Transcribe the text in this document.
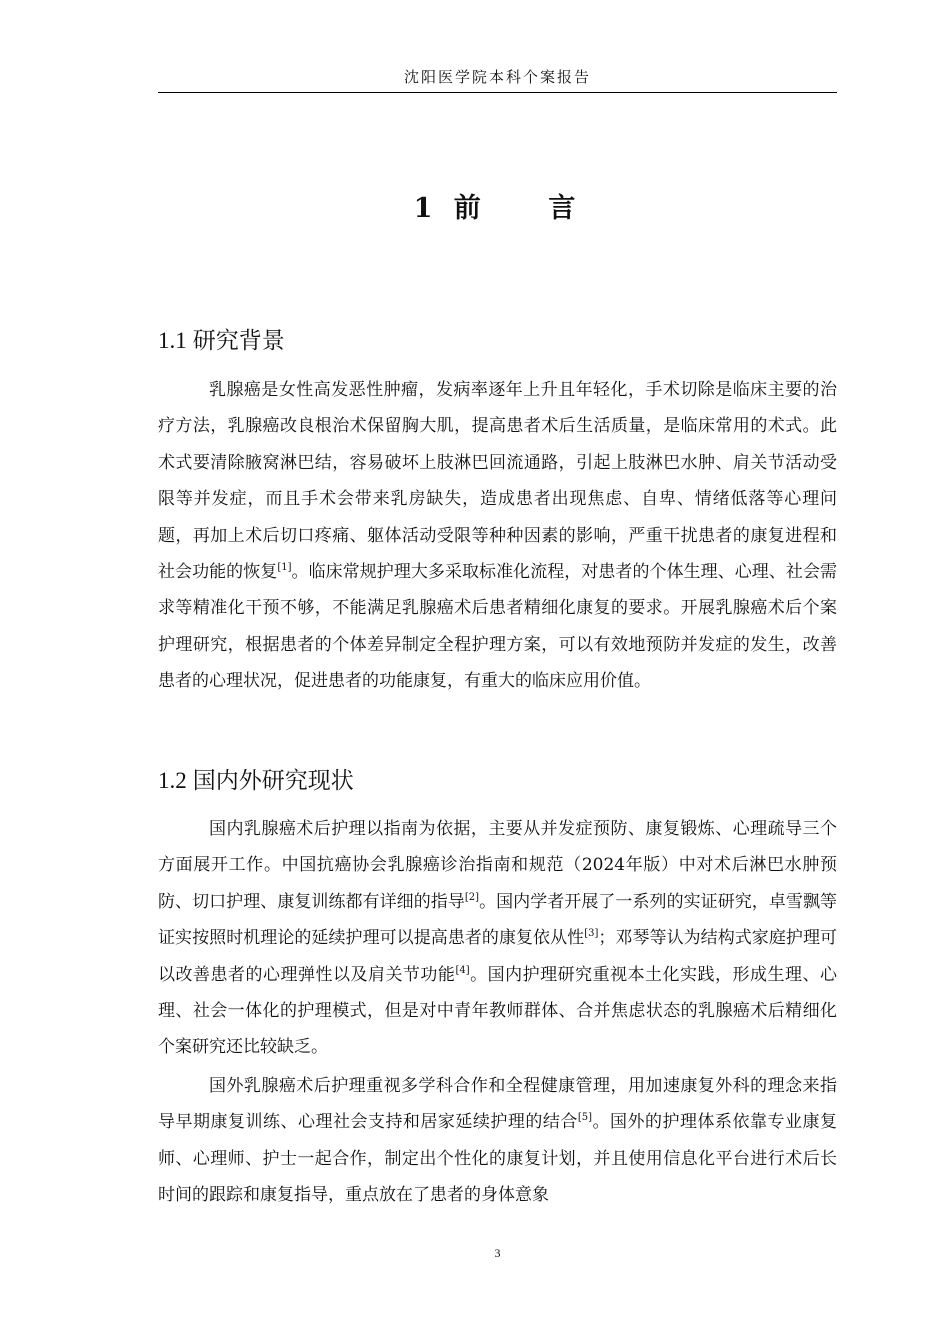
沈阳医学院本科个案报告
1 前    言
1.1 研究背景

乳腺癌是女性高发恶性肿瘤，发病率逐年上升且年轻化，手术切除是临床主要的治疗方法，乳腺癌改良根治术保留胸大肌，提高患者术后生活质量，是临床常用的术式。此术式要清除腋窝淋巴结，容易破坏上肢淋巴回流通路，引起上肢淋巴水肿、肩关节活动受限等并发症，而且手术会带来乳房缺失，造成患者出现焦虑、自卑、情绪低落等心理问题，再加上术后切口疼痛、躯体活动受限等种种因素的影响，严重干扰患者的康复进程和社会功能的恢复[1]。临床常规护理大多采取标准化流程，对患者的个体生理、心理、社会需求等精准化干预不够，不能满足乳腺癌术后患者精细化康复的要求。开展乳腺癌术后个案护理研究，根据患者的个体差异制定全程护理方案，可以有效地预防并发症的发生，改善患者的心理状况，促进患者的功能康复，有重大的临床应用价值。

1.2 国内外研究现状

国内乳腺癌术后护理以指南为依据，主要从并发症预防、康复锻炼、心理疏导三个方面展开工作。中国抗癌协会乳腺癌诊治指南和规范（2024年版）中对术后淋巴水肿预防、切口护理、康复训练都有详细的指导[2]。国内学者开展了一系列的实证研究，卓雪飘等证实按照时机理论的延续护理可以提高患者的康复依从性[3]；邓琴等认为结构式家庭护理可以改善患者的心理弹性以及肩关节功能[4]。国内护理研究重视本土化实践，形成生理、心理、社会一体化的护理模式，但是对中青年教师群体、合并焦虑状态的乳腺癌术后精细化个案研究还比较缺乏。

国外乳腺癌术后护理重视多学科合作和全程健康管理，用加速康复外科的理念来指导早期康复训练、心理社会支持和居家延续护理的结合[5]。国外的护理体系依靠专业康复师、心理师、护士一起合作，制定出个性化的康复计划，并且使用信息化平台进行术后长时间的跟踪和康复指导，重点放在了患者的身体意象

3
